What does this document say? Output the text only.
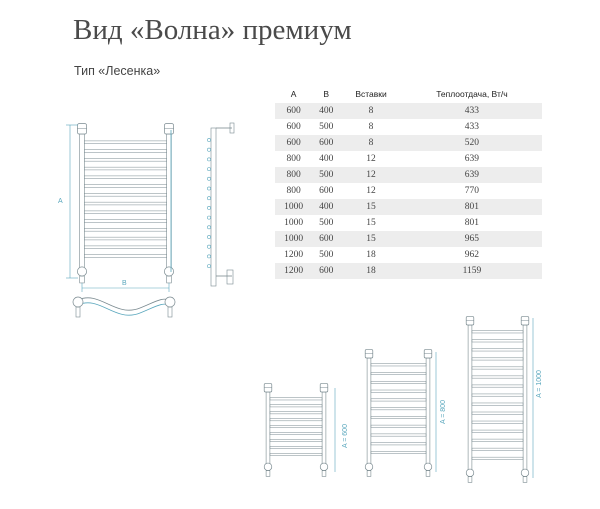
Вид «Волна» премиум
Тип «Лесенка»
A	B	Вставки	Теплоотдача, Вт/ч
600	400	8	433
600	500	8	433
600	600	8	520
800	400	12	639
800	500	12	639
800	600	12	770
1000	400	15	801
1000	500	15	801
1000	600	15	965
1200	500	18	962
1200	600	18	1159
A
B
A = 600
A = 800
A = 1000
